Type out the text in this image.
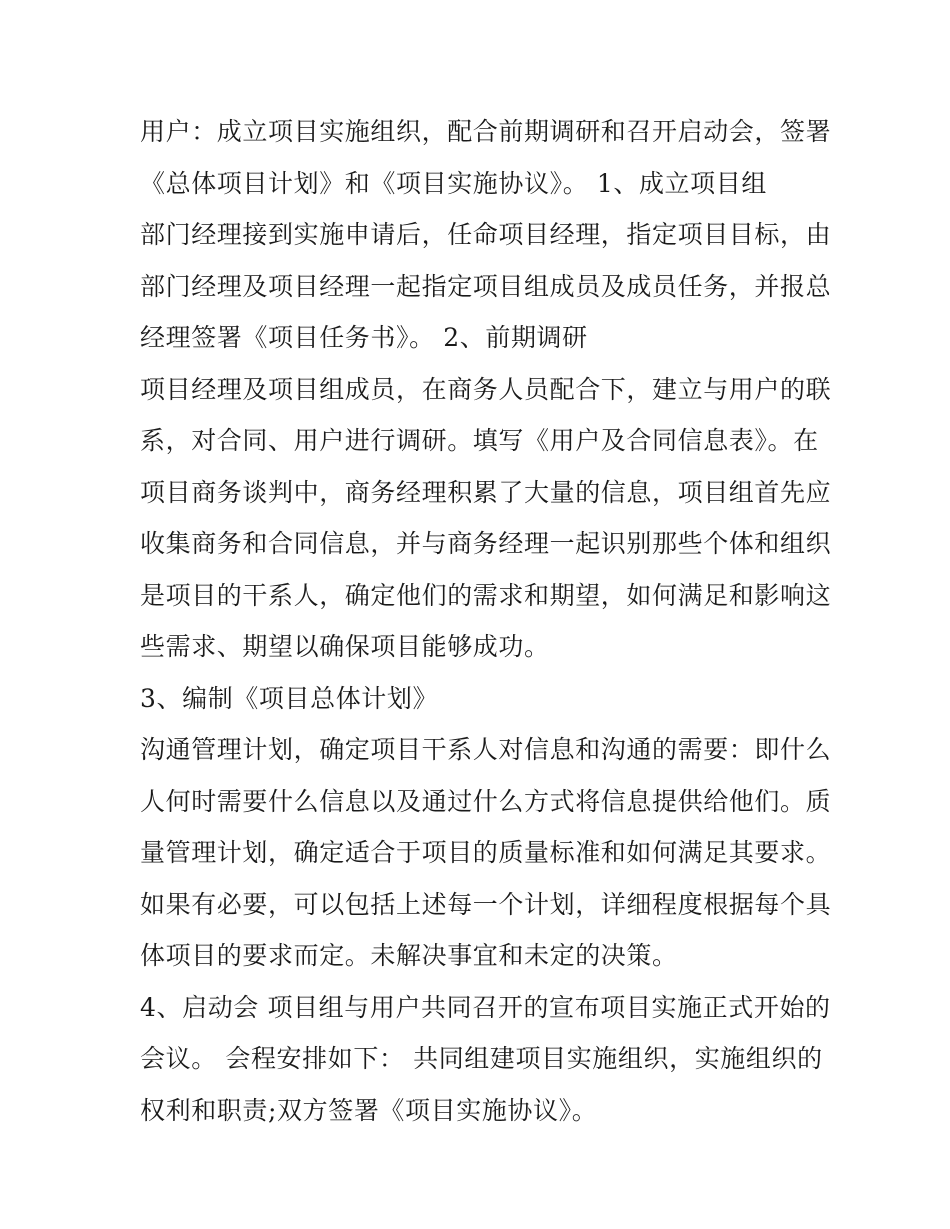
用户：成立项目实施组织，配合前期调研和召开启动会，签署
《总体项目计划》和《项目实施协议》。 1、成立项目组
部门经理接到实施申请后，任命项目经理，指定项目目标，由
部门经理及项目经理一起指定项目组成员及成员任务，并报总
经理签署《项目任务书》。 2、前期调研
项目经理及项目组成员，在商务人员配合下，建立与用户的联
系，对合同、用户进行调研。填写《用户及合同信息表》。在
项目商务谈判中，商务经理积累了大量的信息，项目组首先应
收集商务和合同信息，并与商务经理一起识别那些个体和组织
是项目的干系人，确定他们的需求和期望，如何满足和影响这
些需求、期望以确保项目能够成功。
3、编制《项目总体计划》
沟通管理计划，确定项目干系人对信息和沟通的需要：即什么
人何时需要什么信息以及通过什么方式将信息提供给他们。质
量管理计划，确定适合于项目的质量标准和如何满足其要求。
如果有必要，可以包括上述每一个计划，详细程度根据每个具
体项目的要求而定。未解决事宜和未定的决策。
4、启动会 项目组与用户共同召开的宣布项目实施正式开始的
会议。 会程安排如下： 共同组建项目实施组织，实施组织的
权利和职责;双方签署《项目实施协议》。
